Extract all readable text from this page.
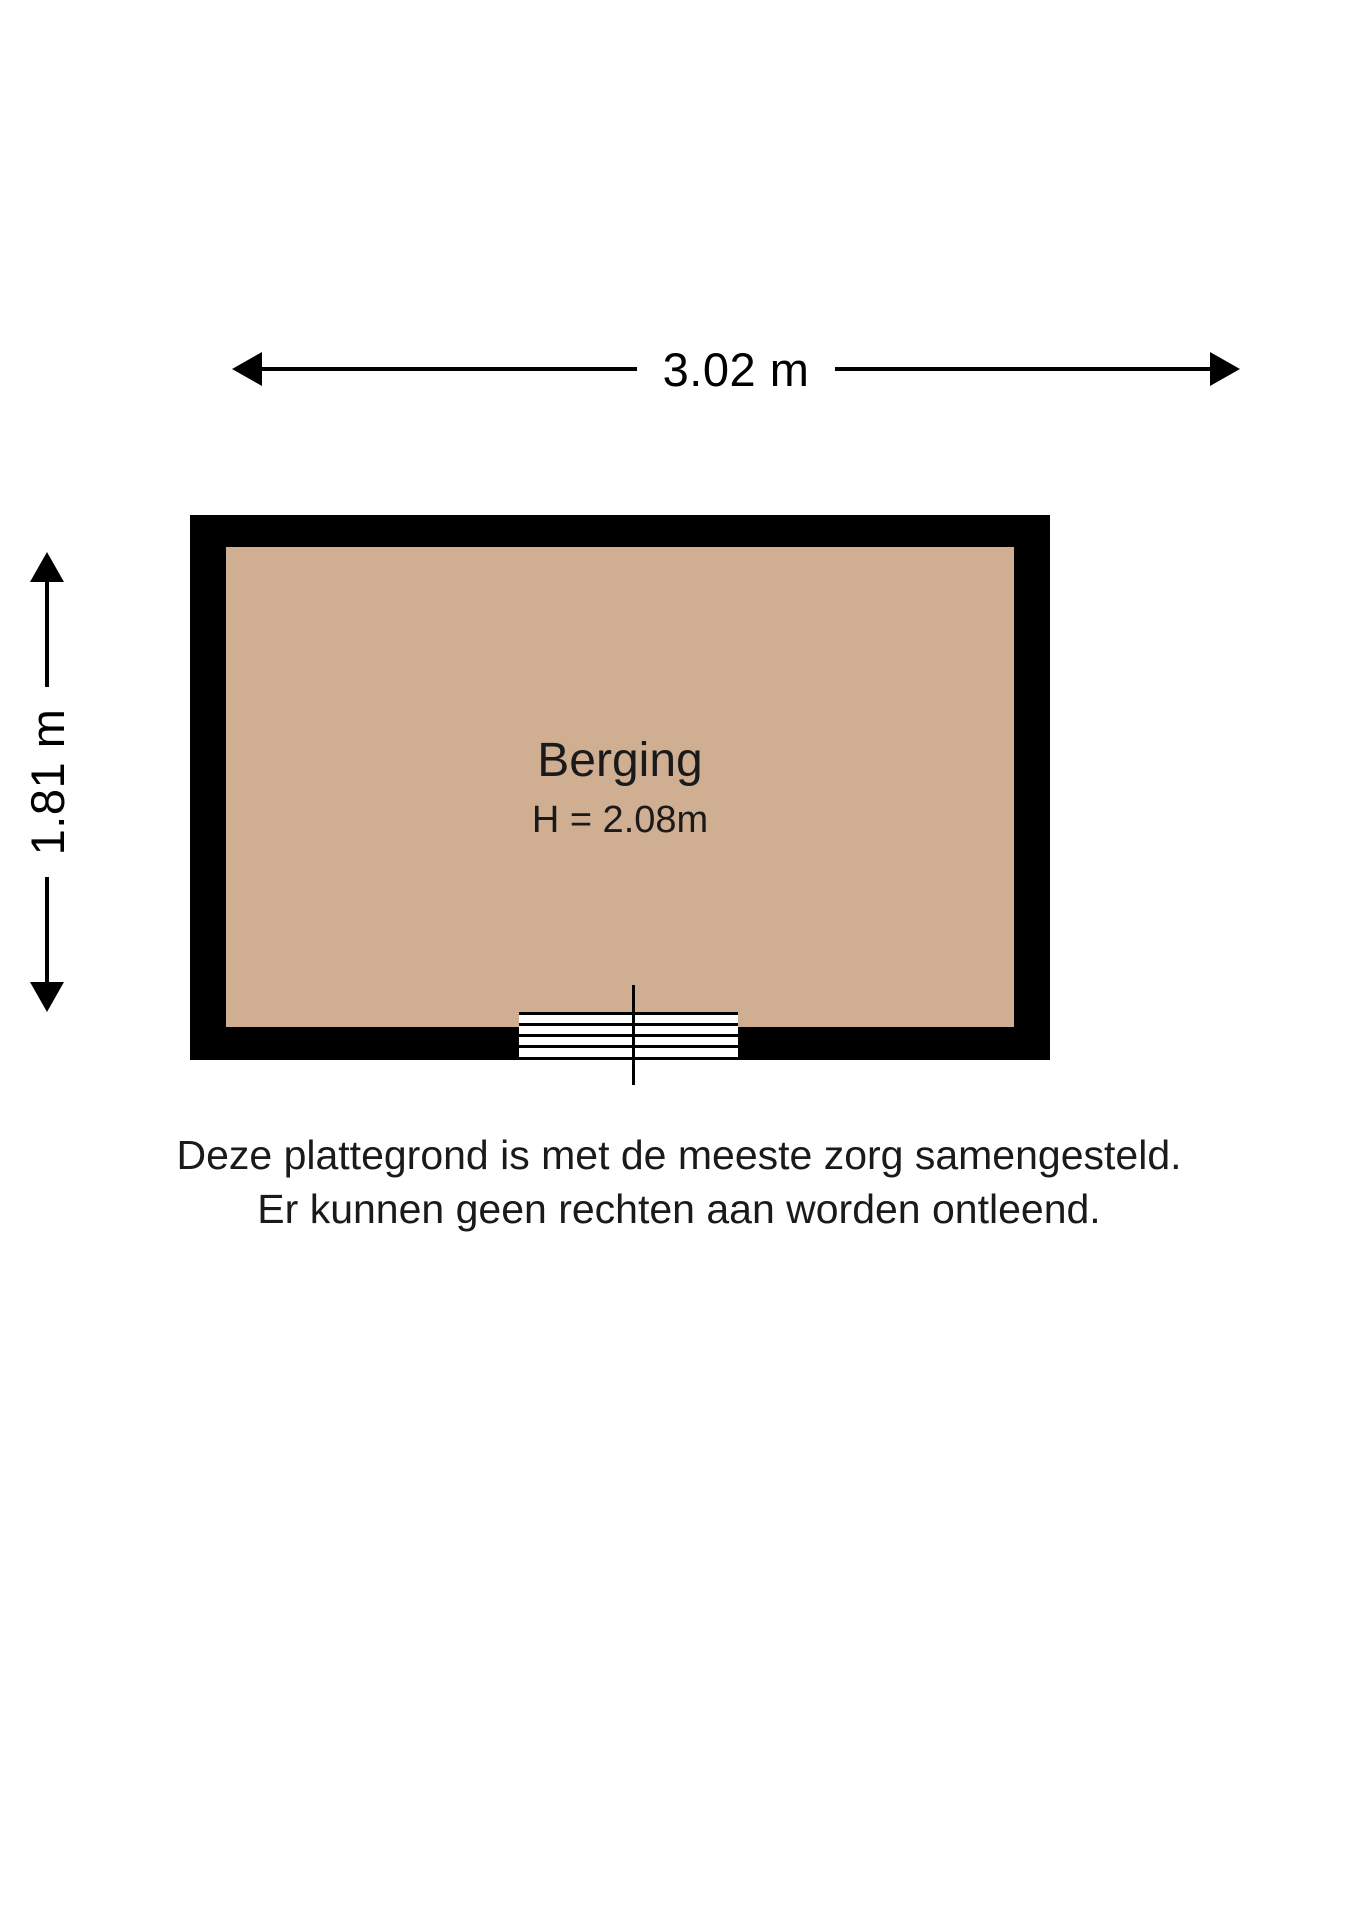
3.02 m
1.81 m	Berging
H = 2.08m
Deze plattegrond is met de meeste zorg samengesteld.
Er kunnen geen rechten aan worden ontleend.
